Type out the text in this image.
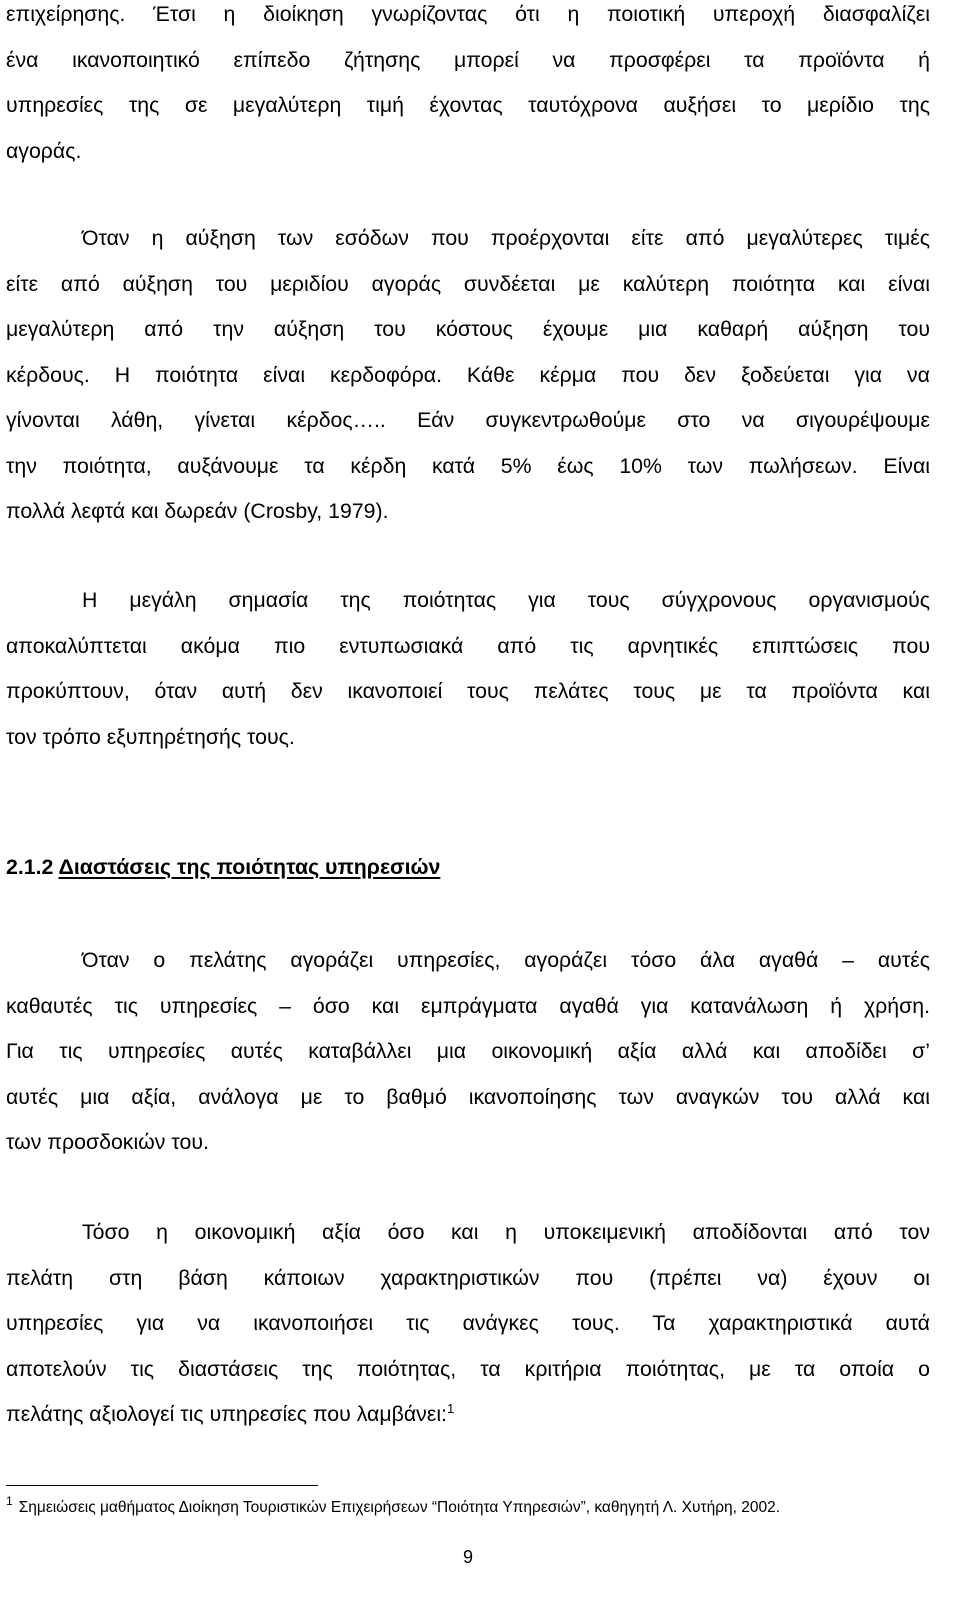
επιχείρησης. Έτσι η διοίκηση γνωρίζοντας ότι η ποιοτική υπεροχή διασφαλίζει
ένα ικανοποιητικό επίπεδο ζήτησης μπορεί να προσφέρει τα προϊόντα ή
υπηρεσίες της σε μεγαλύτερη τιμή έχοντας ταυτόχρονα αυξήσει το μερίδιο της
αγοράς.

Όταν η αύξηση των εσόδων που προέρχονται είτε από μεγαλύτερες τιμές
είτε από αύξηση του μεριδίου αγοράς συνδέεται με καλύτερη ποιότητα και είναι
μεγαλύτερη από την αύξηση του κόστους έχουμε μια καθαρή αύξηση του
κέρδους. Η ποιότητα είναι κερδοφόρα. Κάθε κέρμα που δεν ξοδεύεται για να
γίνονται λάθη, γίνεται κέρδος….. Εάν συγκεντρωθούμε στο να σιγουρέψουμε
την ποιότητα, αυξάνουμε τα κέρδη κατά 5% έως 10% των πωλήσεων. Είναι
πολλά λεφτά και δωρεάν (Crosby, 1979).

Η μεγάλη σημασία της ποιότητας για τους σύγχρονους οργανισμούς
αποκαλύπτεται ακόμα πιο εντυπωσιακά από τις αρνητικές επιπτώσεις που
προκύπτουν, όταν αυτή δεν ικανοποιεί τους πελάτες τους με τα προϊόντα και
τον τρόπο εξυπηρέτησής τους.

2.1.2 Διαστάσεις της ποιότητας υπηρεσιών

Όταν ο πελάτης αγοράζει υπηρεσίες, αγοράζει τόσο άλα αγαθά – αυτές
καθαυτές τις υπηρεσίες – όσο και εμπράγματα αγαθά για κατανάλωση ή χρήση.
Για τις υπηρεσίες αυτές καταβάλλει μια οικονομική αξία αλλά και αποδίδει σ’
αυτές μια αξία, ανάλογα με το βαθμό ικανοποίησης των αναγκών του αλλά και
των προσδοκιών του.

Τόσο η οικονομική αξία όσο και η υποκειμενική αποδίδονται από τον
πελάτη στη βάση κάποιων χαρακτηριστικών που (πρέπει να) έχουν οι
υπηρεσίες για να ικανοποιήσει τις ανάγκες τους. Τα χαρακτηριστικά αυτά
αποτελούν τις διαστάσεις της ποιότητας, τα κριτήρια ποιότητας, με τα οποία ο
πελάτης αξιολογεί τις υπηρεσίες που λαμβάνει:$^1$

$^1$ Σημειώσεις μαθήματος Διοίκηση Τουριστικών Επιχειρήσεων “Ποιότητα Υπηρεσιών”, καθηγητή Λ. Χυτήρη, 2002.

9
